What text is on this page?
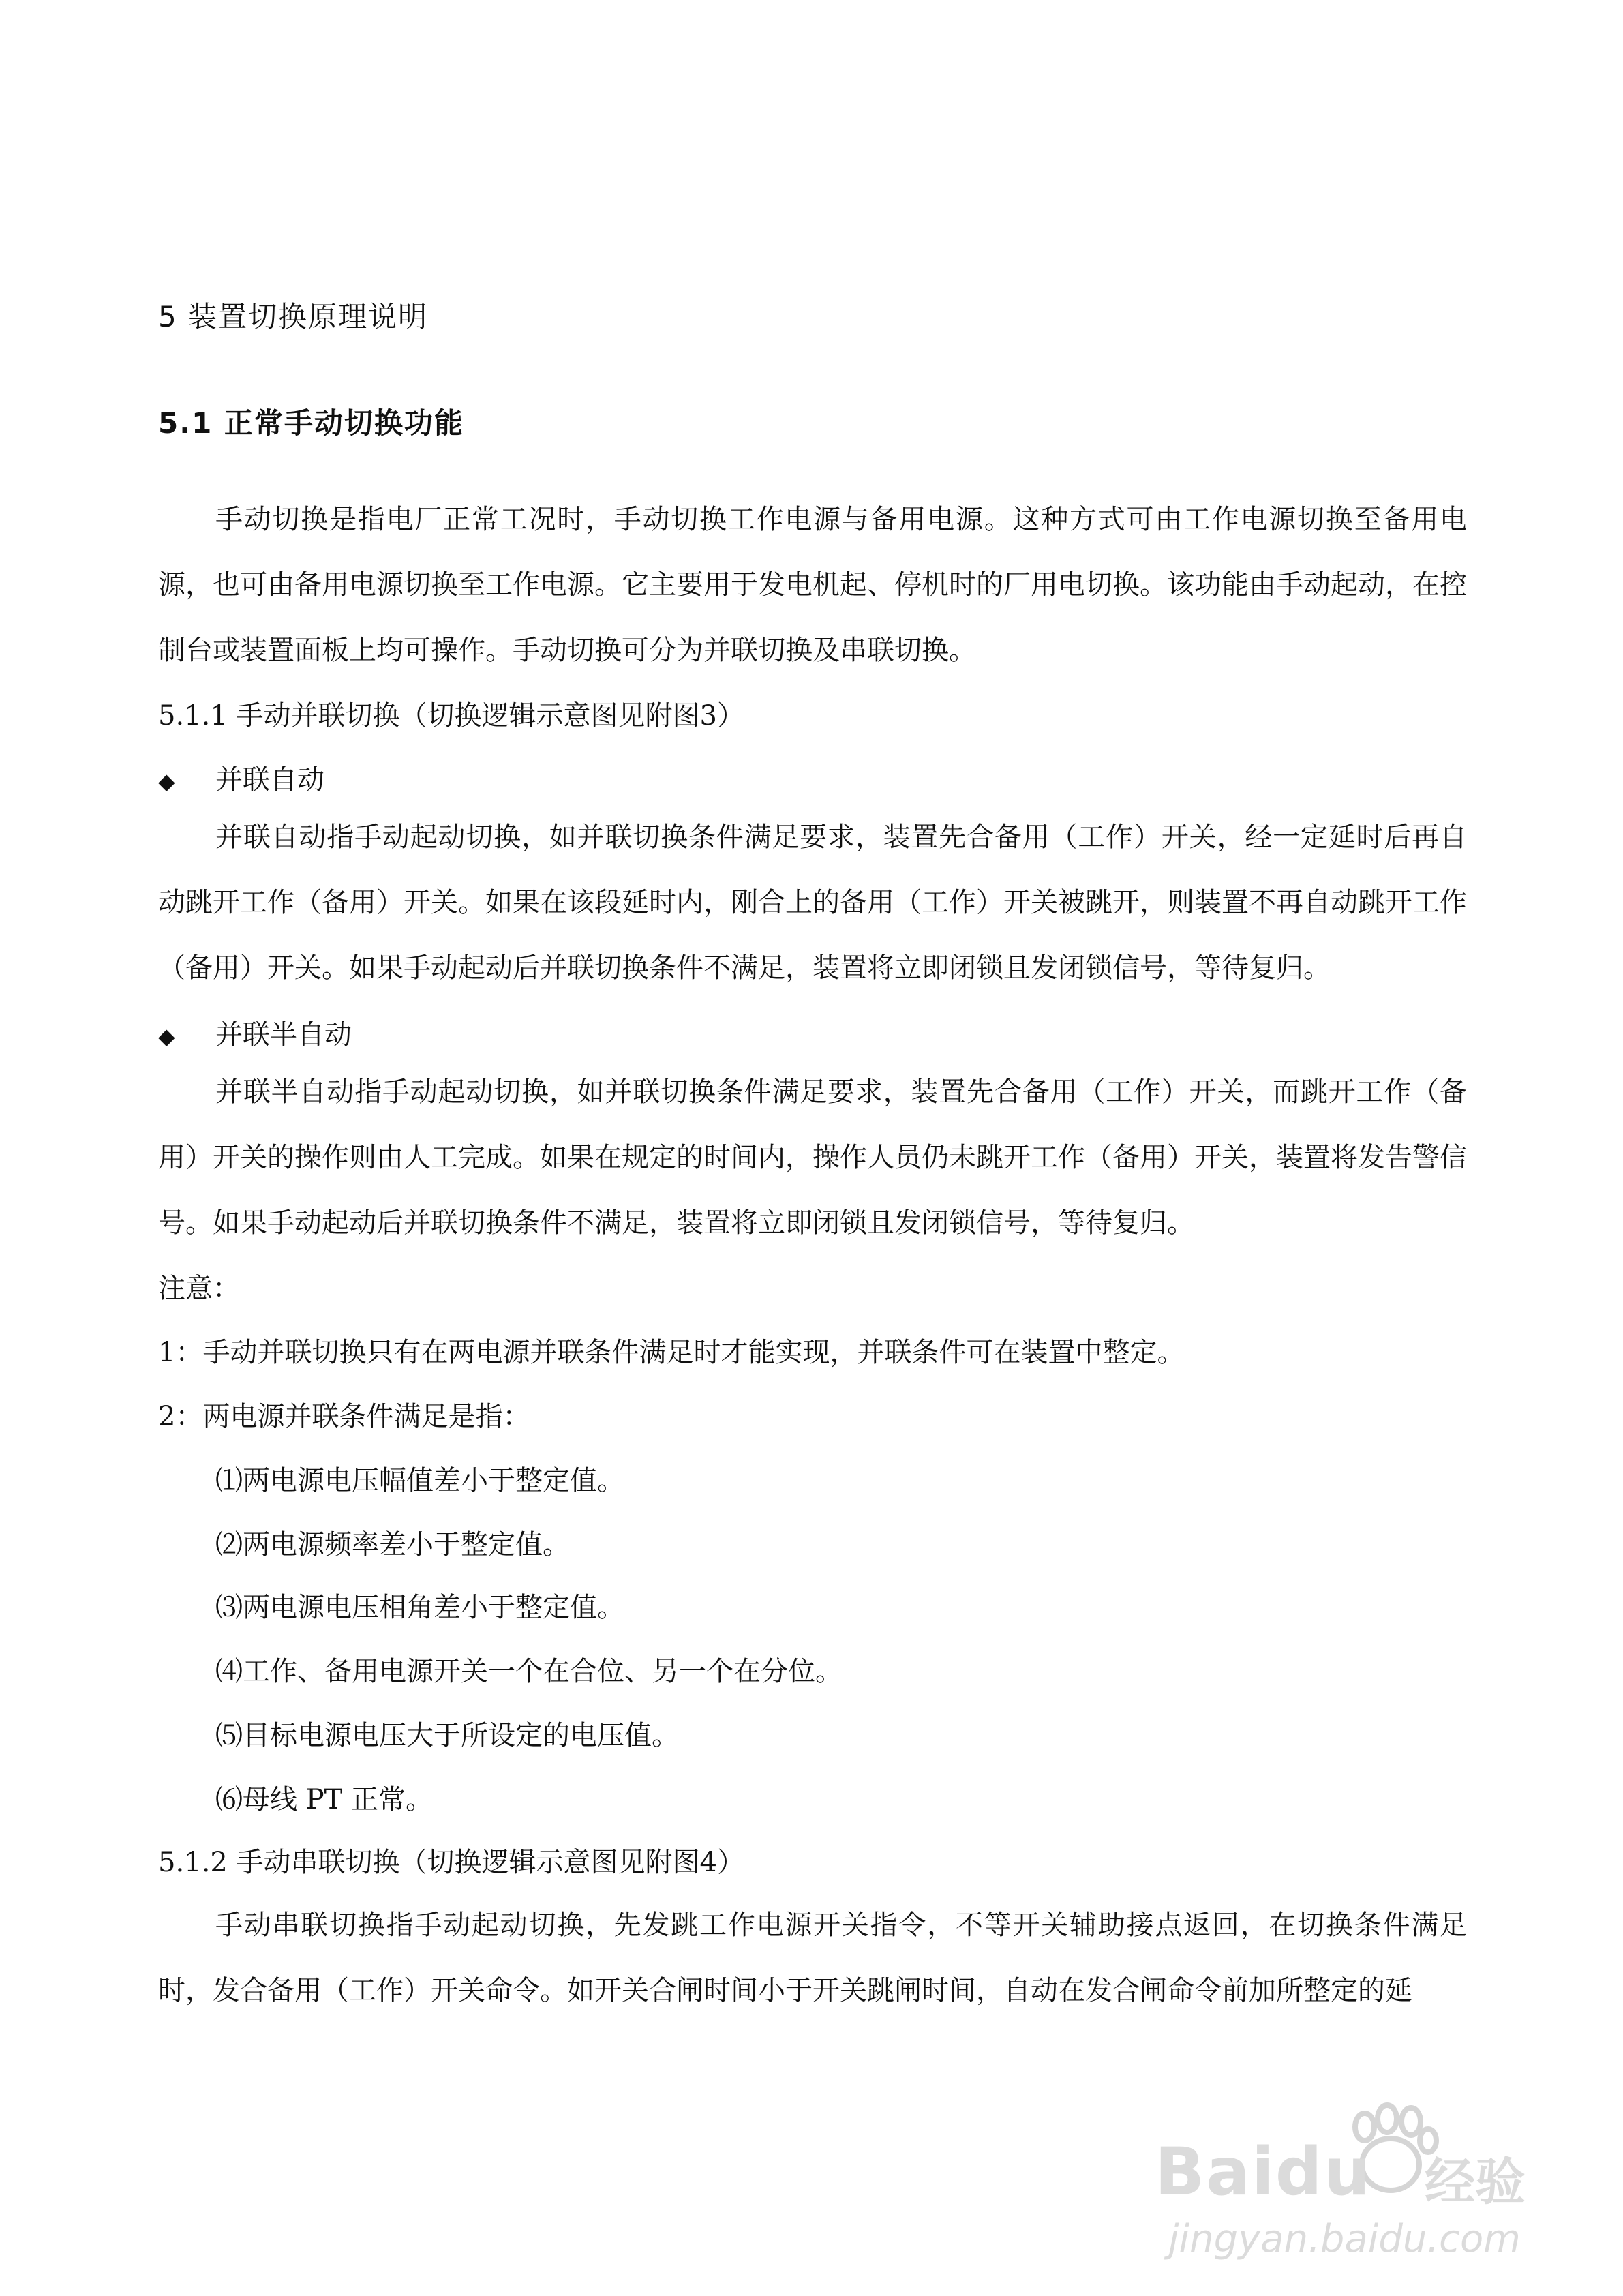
5 装置切换原理说明
5.1 正常手动切换功能

手动切换是指电厂正常工况时，手动切换工作电源与备用电源。这种方式可由工作电源切换至备用电源，也可由备用电源切换至工作电源。它主要用于发电机起、停机时的厂用电切换。该功能由手动起动，在控制台或装置面板上均可操作。手动切换可分为并联切换及串联切换。

5.1.1 手动并联切换（切换逻辑示意图见附图3）
◆ 并联自动

并联自动指手动起动切换，如并联切换条件满足要求，装置先合备用（工作）开关，经一定延时后再自动跳开工作（备用）开关。如果在该段延时内，刚合上的备用（工作）开关被跳开，则装置不再自动跳开工作（备用）开关。如果手动起动后并联切换条件不满足，装置将立即闭锁且发闭锁信号，等待复归。

◆ 并联半自动

并联半自动指手动起动切换，如并联切换条件满足要求，装置先合备用（工作）开关，而跳开工作（备用）开关的操作则由人工完成。如果在规定的时间内，操作人员仍未跳开工作（备用）开关，装置将发告警信号。如果手动起动后并联切换条件不满足，装置将立即闭锁且发闭锁信号，等待复归。

注意：
1：手动并联切换只有在两电源并联条件满足时才能实现，并联条件可在装置中整定。
2：两电源并联条件满足是指：
⑴两电源电压幅值差小于整定值。
⑵两电源频率差小于整定值。
⑶两电源电压相角差小于整定值。
⑷工作、备用电源开关一个在合位、另一个在分位。
⑸目标电源电压大于所设定的电压值。
⑹母线 PT 正常。
5.1.2 手动串联切换（切换逻辑示意图见附图4）

手动串联切换指手动起动切换，先发跳工作电源开关指令，不等开关辅助接点返回，在切换条件满足时，发合备用（工作）开关命令。如开关合闸时间小于开关跳闸时间，自动在发合闸命令前加所整定的延

Baidu 经验
jingyan.baidu.com
